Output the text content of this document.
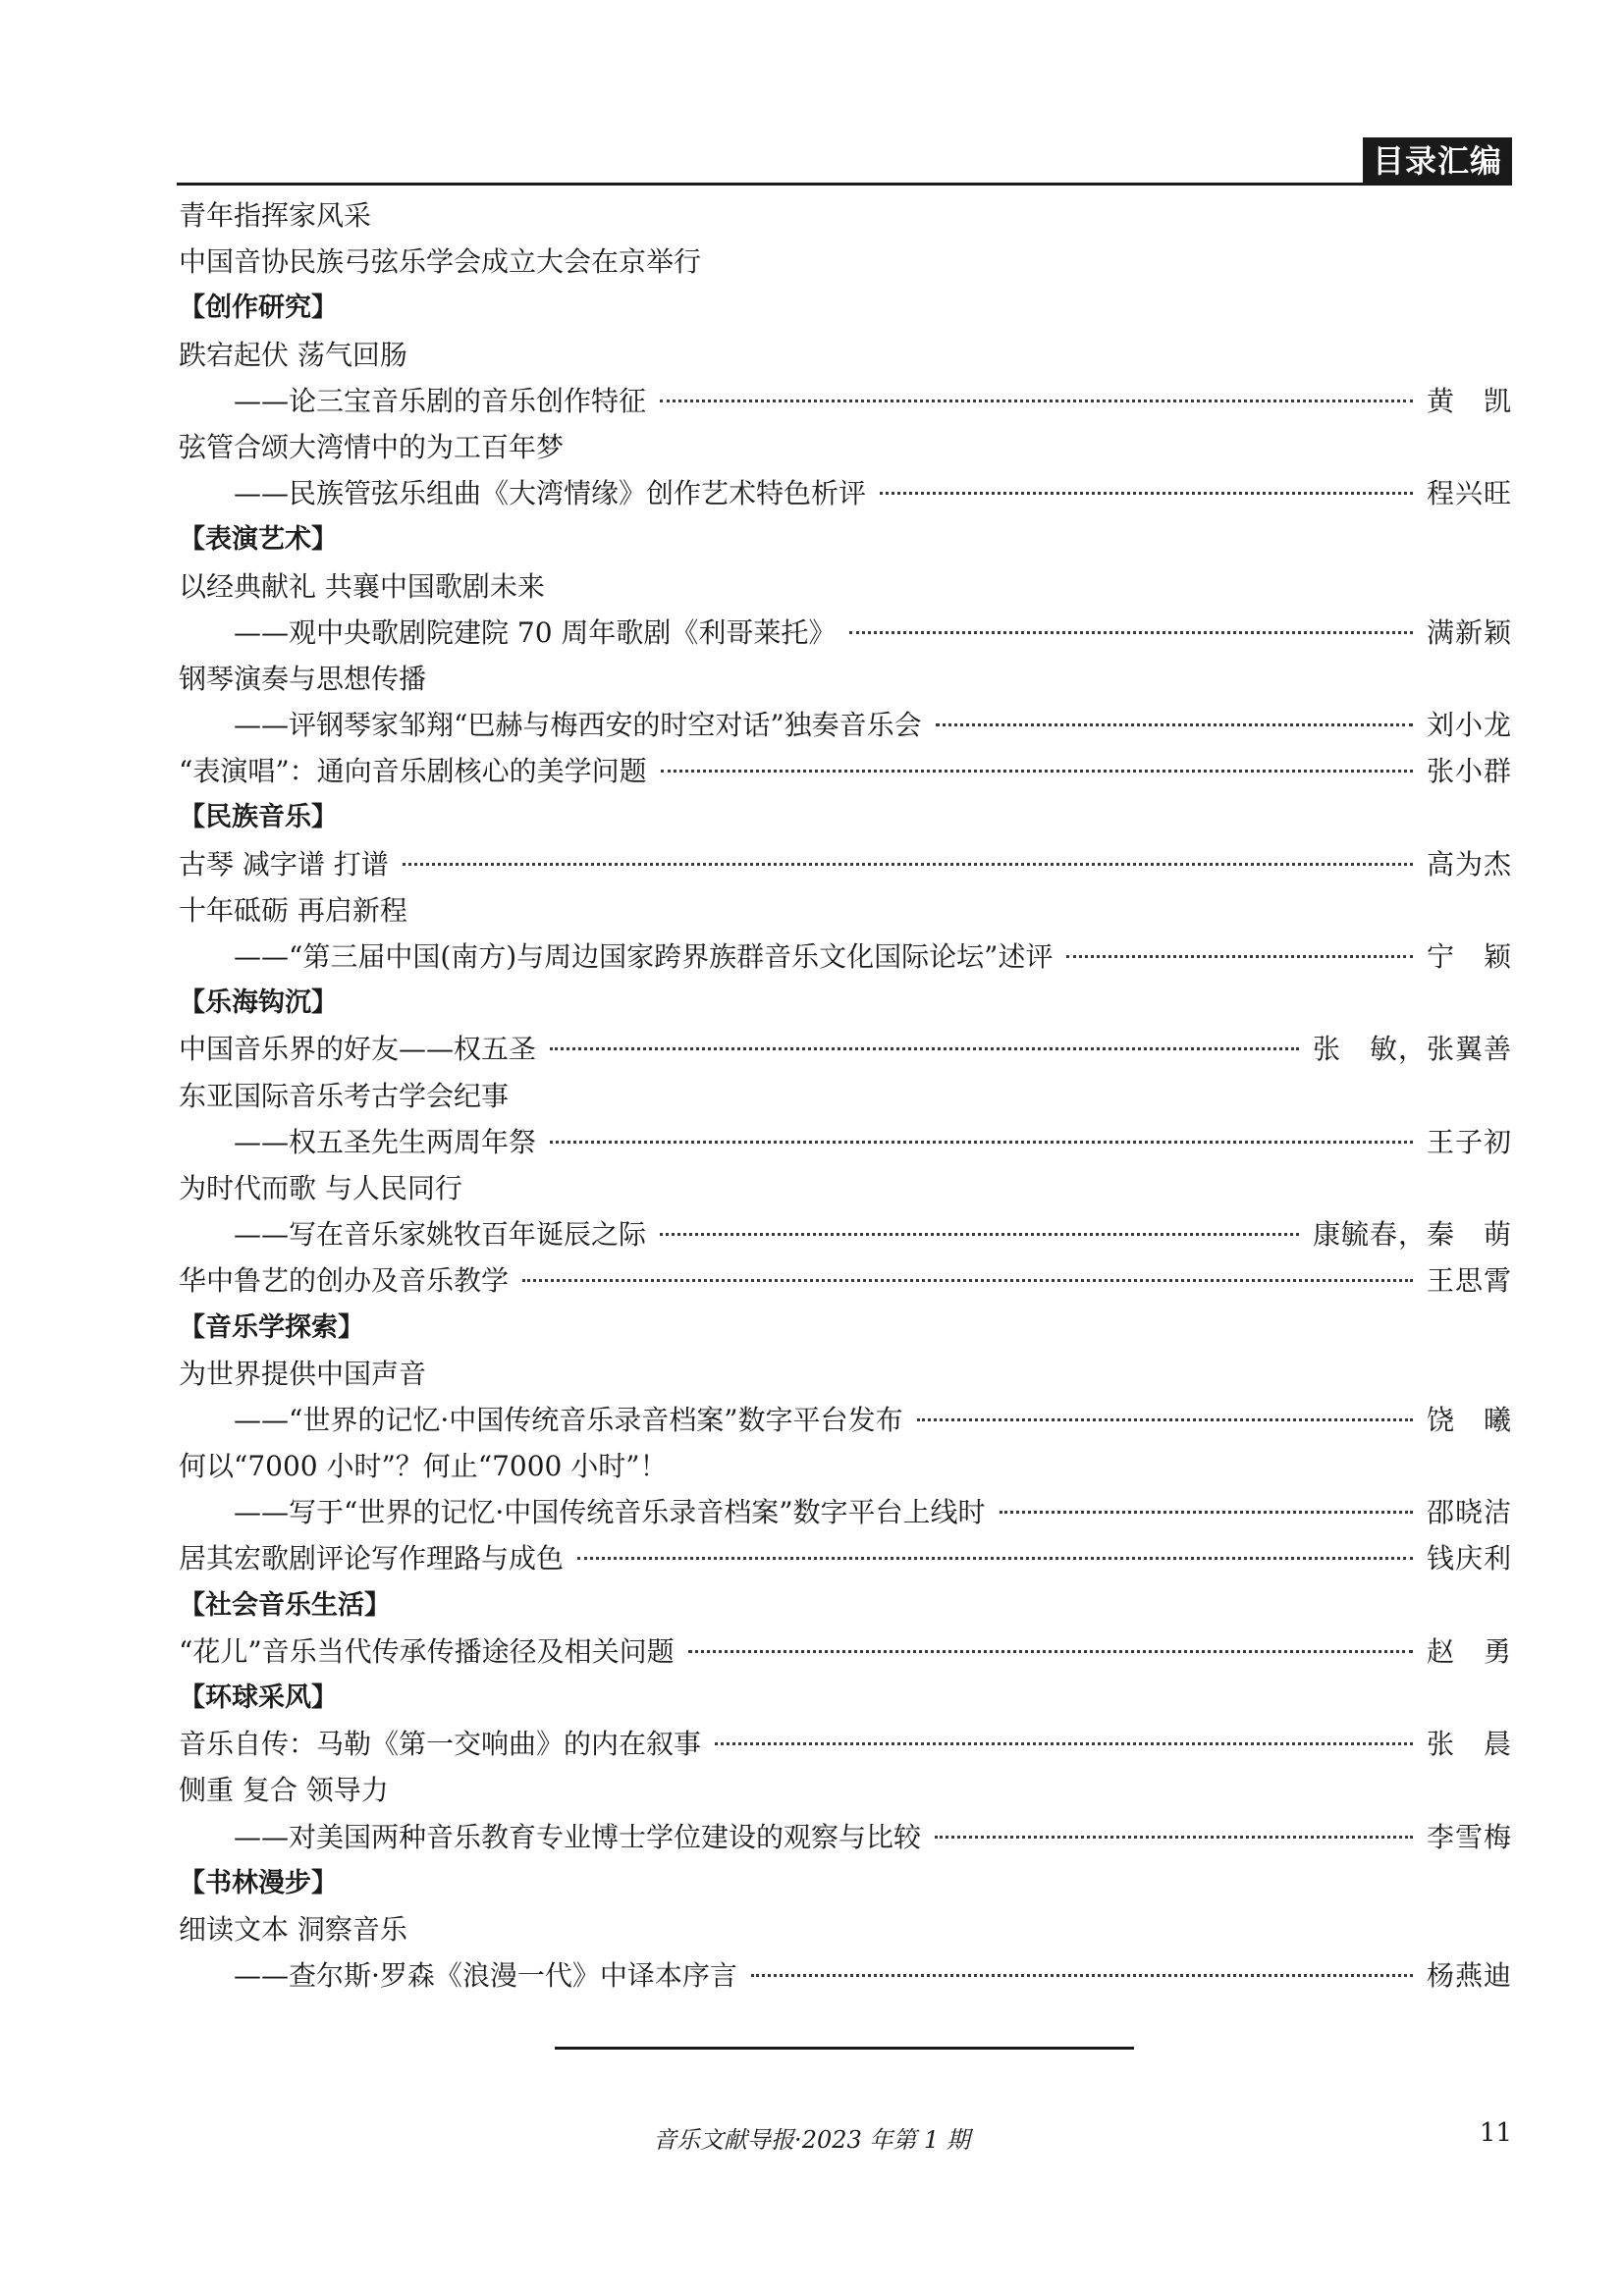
目录汇编
青年指挥家风采
中国音协民族弓弦乐学会成立大会在京举行
【创作研究】
跌宕起伏 荡气回肠
　　——论三宝音乐剧的音乐创作特征	黄　凯
弦管合颂大湾情中的为工百年梦
　　——民族管弦乐组曲《大湾情缘》创作艺术特色析评	程兴旺
【表演艺术】
以经典献礼 共襄中国歌剧未来
　　——观中央歌剧院建院 70 周年歌剧《利哥莱托》	满新颖
钢琴演奏与思想传播
　　——评钢琴家邹翔“巴赫与梅西安的时空对话”独奏音乐会	刘小龙
“表演唱”：通向音乐剧核心的美学问题	张小群
【民族音乐】
古琴 减字谱 打谱	高为杰
十年砥砺 再启新程
　　——“第三届中国(南方)与周边国家跨界族群音乐文化国际论坛”述评	宁　颖
【乐海钩沉】
中国音乐界的好友——权五圣	张　敏，张翼善
东亚国际音乐考古学会纪事
　　——权五圣先生两周年祭	王子初
为时代而歌 与人民同行
　　——写在音乐家姚牧百年诞辰之际	康毓春，秦　萌
华中鲁艺的创办及音乐教学	王思霄
【音乐学探索】
为世界提供中国声音
　　——“世界的记忆·中国传统音乐录音档案”数字平台发布	饶　曦
何以“7000 小时”？何止“7000 小时”！
　　——写于“世界的记忆·中国传统音乐录音档案”数字平台上线时	邵晓洁
居其宏歌剧评论写作理路与成色	钱庆利
【社会音乐生活】
“花儿”音乐当代传承传播途径及相关问题	赵　勇
【环球采风】
音乐自传：马勒《第一交响曲》的内在叙事	张　晨
侧重 复合 领导力
　　——对美国两种音乐教育专业博士学位建设的观察与比较	李雪梅
【书林漫步】
细读文本 洞察音乐
　　——查尔斯·罗森《浪漫一代》中译本序言	杨燕迪
音乐文献导报·2023 年第 1 期	11
